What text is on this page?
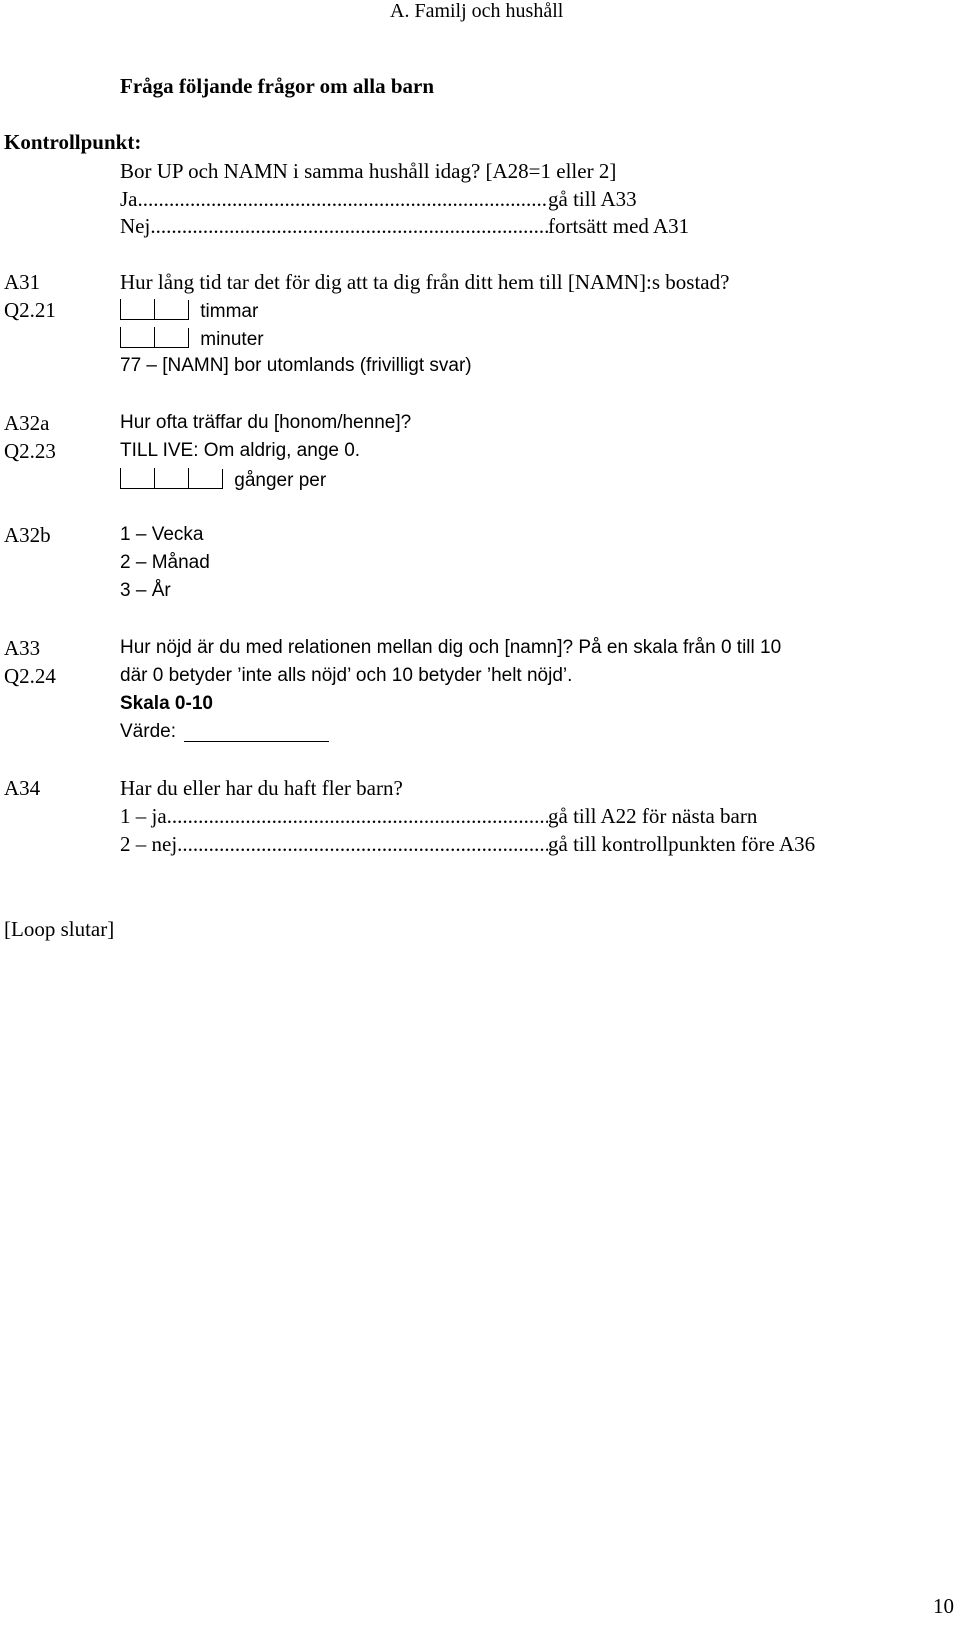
A. Familj och hushåll
Fråga följande frågor om alla barn
Kontrollpunkt:
Bor UP och NAMN i samma hushåll idag? [A28=1 eller 2]
Ja .....	gå till A33
Nej .....	fortsätt med A31
A31
Q2.21
Hur lång tid tar det för dig att ta dig från ditt hem till [NAMN]:s bostad?
timmar
minuter
77 – [NAMN] bor utomlands (frivilligt svar)
A32a
Q2.23
Hur ofta träffar du [honom/henne]?
TILL IVE: Om aldrig, ange 0.
gånger per
A32b	1 – Vecka
2 – Månad
3 – År
A33
Q2.24
Hur nöjd är du med relationen mellan dig och [namn]? På en skala från 0 till 10
där 0 betyder ’inte alls nöjd’ och 10 betyder ’helt nöjd’.
Skala 0-10
Värde:
A34	Har du eller har du haft fler barn?
1 – ja .....	gå till A22 för nästa barn
2 – nej .....	gå till kontrollpunkten före A36
[Loop slutar]
10
